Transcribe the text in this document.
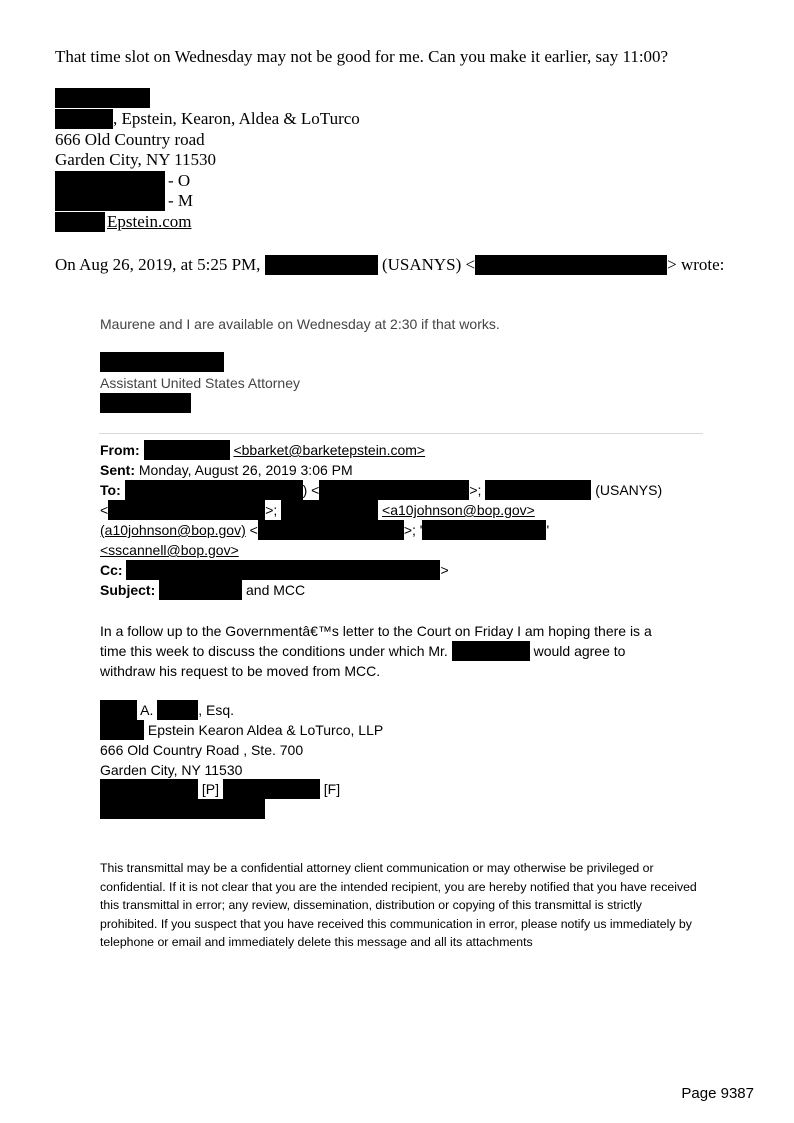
That time slot on Wednesday may not be good for me. Can you make it earlier, say 11:00?
, Epstein, Kearon, Aldea & LoTurco
666 Old Country road
Garden City, NY 11530
- O
- M
Epstein.com
On Aug 26, 2019, at 5:25 PM,	(USANYS) <	> wrote:
Maurene and I are available on Wednesday at 2:30 if that works.
Assistant United States Attorney
From:	<bbarket@barketepstein.com>
Sent: Monday, August 26, 2019 3:06 PM
To:	) <	>;	(USANYS)
<	>;	<a10johnson@bop.gov>
(a10johnson@bop.gov) <	>; '	'
<sscannell@bop.gov>
Cc:	>
Subject:	and MCC
In a follow up to the Governmentâ€™s letter to the Court on Friday I am hoping there is a
time this week to discuss the conditions under which Mr.	would agree to
withdraw his request to be moved from MCC.
A.	, Esq.
Epstein Kearon Aldea & LoTurco, LLP
666 Old Country Road , Ste. 700
Garden City, NY 11530
[P]	[F]
This transmittal may be a confidential attorney client communication or may otherwise be privileged or confidential. If it is not clear that you are the intended recipient, you are hereby notified that you have received this transmittal in error; any review, dissemination, distribution or copying of this transmittal is strictly prohibited. If you suspect that you have received this communication in error, please notify us immediately by telephone or email and immediately delete this message and all its attachments
Page 9387
